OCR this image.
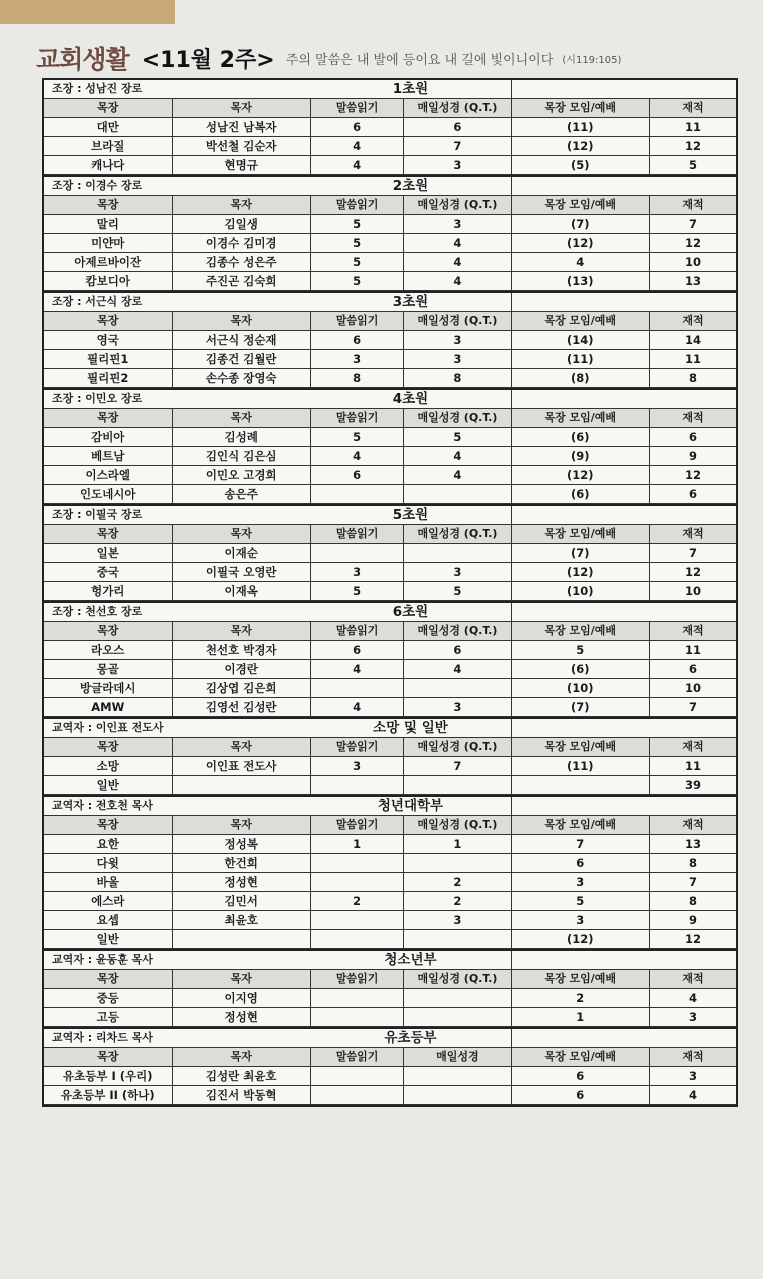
교회생활 <11월 2주> 주의 말씀은 내 발에 등이요 내 길에 빛이니이다 (시119:105)
조장 : 성남진 장로		1초원			
목장	목자	말씀읽기	매일성경 (Q.T.)	목장 모임/예배	재적
대만	성남진 남복자	6	6	(11)	11
브라질	박선철 김순자	4	7	(12)	12
캐나다	현명규	4	3	(5)	5
조장 : 이경수 장로		2초원			
목장	목자	말씀읽기	매일성경 (Q.T.)	목장 모임/예배	재적
말리	김일생	5	3	(7)	7
미얀마	이경수 김미경	5	4	(12)	12
아제르바이잔	김종수 성은주	5	4	4	10
캄보디아	주진곤 김숙희	5	4	(13)	13
조장 : 서근식 장로		3초원			
목장	목자	말씀읽기	매일성경 (Q.T.)	목장 모임/예배	재적
영국	서근식 정순재	6	3	(14)	14
필리핀1	김종건 김월란	3	3	(11)	11
필리핀2	손수종 장영숙	8	8	(8)	8
조장 : 이민오 장로		4초원			
목장	목자	말씀읽기	매일성경 (Q.T.)	목장 모임/예배	재적
감비아	김성례	5	5	(6)	6
베트남	김인식 김은심	4	4	(9)	9
이스라엘	이민오 고경희	6	4	(12)	12
인도네시아	송은주			(6)	6
조장 : 이필국 장로		5초원			
목장	목자	말씀읽기	매일성경 (Q.T.)	목장 모임/예배	재적
일본	이재순			(7)	7
중국	이필국 오영란	3	3	(12)	12
헝가리	이재옥	5	5	(10)	10
조장 : 천선호 장로		6초원			
목장	목자	말씀읽기	매일성경 (Q.T.)	목장 모임/예배	재적
라오스	천선호 박경자	6	6	5	11
몽골	이경란	4	4	(6)	6
방글라데시	김상엽 김은희			(10)	10
AMW	김영선 김성란	4	3	(7)	7
교역자 : 이인표 전도사		소망 및 일반			
목장	목자	말씀읽기	매일성경 (Q.T.)	목장 모임/예배	재적
소망	이인표 전도사	3	7	(11)	11
일반					39
교역자 : 전호천 목사		청년대학부			
목장	목자	말씀읽기	매일성경 (Q.T.)	목장 모임/예배	재적
요한	정성복	1	1	7	13
다윗	한건희			6	8
바울	정성현		2	3	7
에스라	김민서	2	2	5	8
요셉	최윤호		3	3	9
일반				(12)	12
교역자 : 윤동훈 목사		청소년부			
목장	목자	말씀읽기	매일성경 (Q.T.)	목장 모임/예배	재적
중등	이지영			2	4
고등	정성현			1	3
교역자 : 리차드 목사		유초등부			
목장	목자	말씀읽기	매일성경	목장 모임/예배	재적
유초등부 I (우리)	김성란 최윤호			6	3
유초등부 II (하나)	김진서 박동혁			6	4
